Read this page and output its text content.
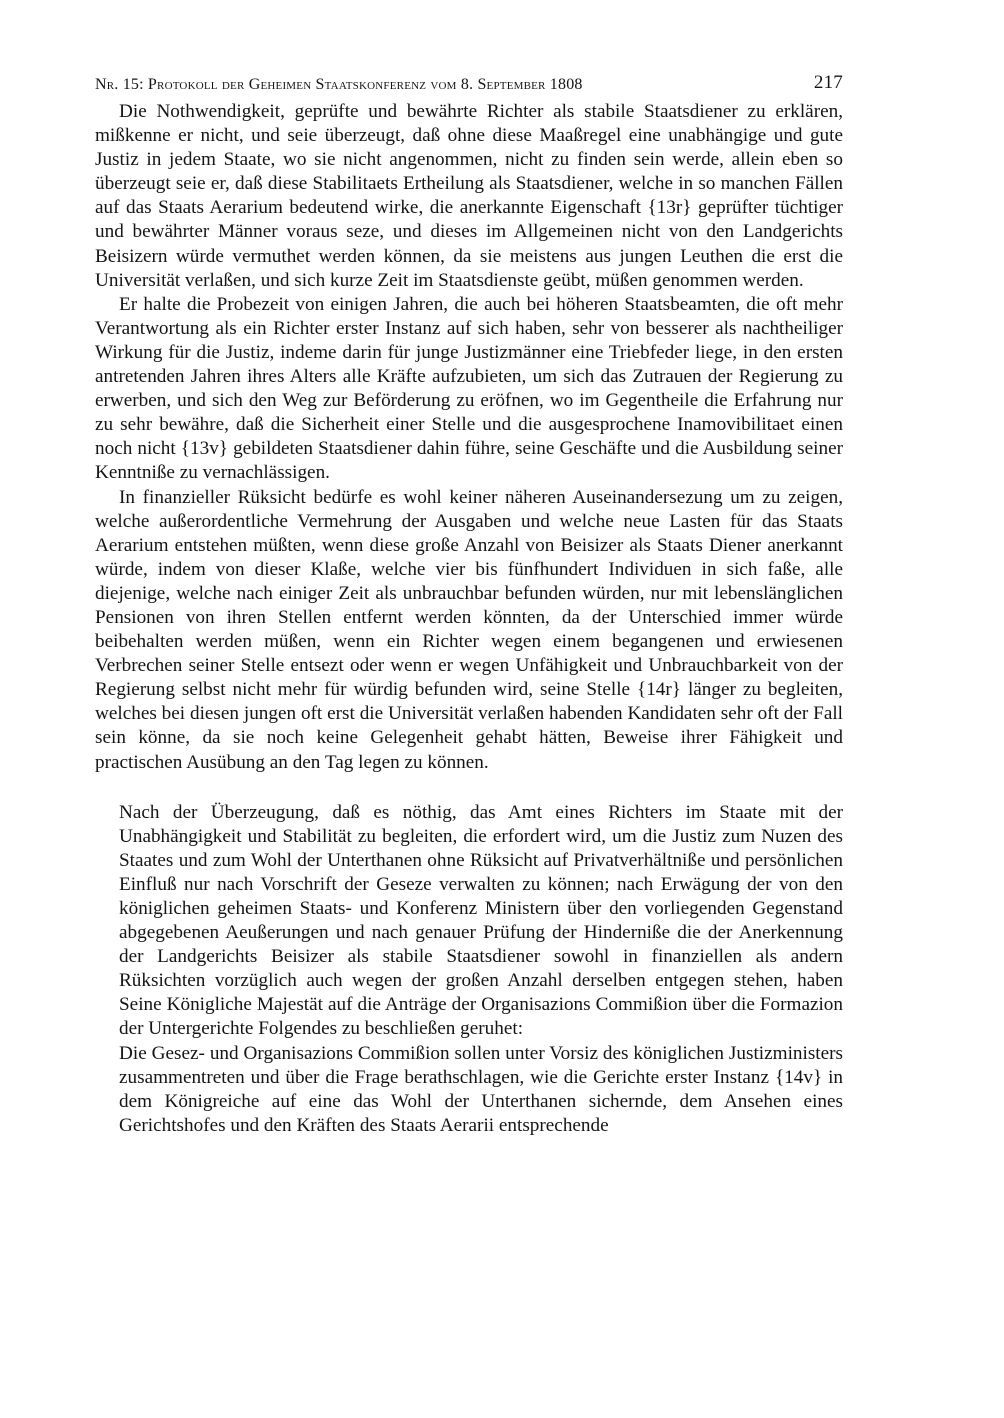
Nr. 15: Protokoll der Geheimen Staatskonferenz vom 8. September 1808	217

Die Nothwendigkeit, geprüfte und bewährte Richter als stabile Staatsdiener zu erklären, mißkenne er nicht, und seie überzeugt, daß ohne diese Maaßregel eine unabhängige und gute Justiz in jedem Staate, wo sie nicht angenommen, nicht zu finden sein werde, allein eben so überzeugt seie er, daß diese Stabilitaets Ertheilung als Staatsdiener, welche in so manchen Fällen auf das Staats Aerarium bedeutend wirke, die anerkannte Eigenschaft {13r} geprüfter tüchtiger und bewährter Männer voraus seze, und dieses im Allgemeinen nicht von den Landgerichts Beisizern würde vermuthet werden können, da sie meistens aus jungen Leuthen die erst die Universität verlaßen, und sich kurze Zeit im Staatsdienste geübt, müßen genommen werden.

Er halte die Probezeit von einigen Jahren, die auch bei höheren Staatsbeamten, die oft mehr Verantwortung als ein Richter erster Instanz auf sich haben, sehr von besserer als nachtheiliger Wirkung für die Justiz, indeme darin für junge Justizmänner eine Triebfeder liege, in den ersten antretenden Jahren ihres Alters alle Kräfte aufzubieten, um sich das Zutrauen der Regierung zu erwerben, und sich den Weg zur Beförderung zu eröfnen, wo im Gegentheile die Erfahrung nur zu sehr bewähre, daß die Sicherheit einer Stelle und die ausgesprochene Inamovibilitaet einen noch nicht {13v} gebildeten Staatsdiener dahin führe, seine Geschäfte und die Ausbildung seiner Kenntniße zu vernachlässigen.

In finanzieller Rüksicht bedürfe es wohl keiner näheren Auseinandersezung um zu zeigen, welche außerordentliche Vermehrung der Ausgaben und welche neue Lasten für das Staats Aerarium entstehen müßten, wenn diese große Anzahl von Beisizer als Staats Diener anerkannt würde, indem von dieser Klaße, welche vier bis fünfhundert Individuen in sich faße, alle diejenige, welche nach einiger Zeit als unbrauchbar befunden würden, nur mit lebenslänglichen Pensionen von ihren Stellen entfernt werden könnten, da der Unterschied immer würde beibehalten werden müßen, wenn ein Richter wegen einem begangenen und erwiesenen Verbrechen seiner Stelle entsezt oder wenn er wegen Unfähigkeit und Unbrauchbarkeit von der Regierung selbst nicht mehr für würdig befunden wird, seine Stelle {14r} länger zu begleiten, welches bei diesen jungen oft erst die Universität verlaßen habenden Kandidaten sehr oft der Fall sein könne, da sie noch keine Gelegenheit gehabt hätten, Beweise ihrer Fähigkeit und practischen Ausübung an den Tag legen zu können.

Nach der Überzeugung, daß es nöthig, das Amt eines Richters im Staate mit der Unabhängigkeit und Stabilität zu begleiten, die erfordert wird, um die Justiz zum Nuzen des Staates und zum Wohl der Unterthanen ohne Rüksicht auf Privatverhältniße und persönlichen Einfluß nur nach Vorschrift der Geseze verwalten zu können; nach Erwägung der von den königlichen geheimen Staats- und Konferenz Ministern über den vorliegenden Gegenstand abgegebenen Aeußerungen und nach genauer Prüfung der Hinderniße die der Anerkennung der Landgerichts Beisizer als stabile Staatsdiener sowohl in finanziellen als andern Rüksichten vorzüglich auch wegen der großen Anzahl derselben entgegen stehen, haben Seine Königliche Majestät auf die Anträge der Organisazions Commißion über die Formazion der Untergerichte Folgendes zu beschließen geruhet:

Die Gesez- und Organisazions Commißion sollen unter Vorsiz des königlichen Justizministers zusammentreten und über die Frage berathschlagen, wie die Gerichte erster Instanz {14v} in dem Königreiche auf eine das Wohl der Unterthanen sichernde, dem Ansehen eines Gerichtshofes und den Kräften des Staats Aerarii entsprechende
